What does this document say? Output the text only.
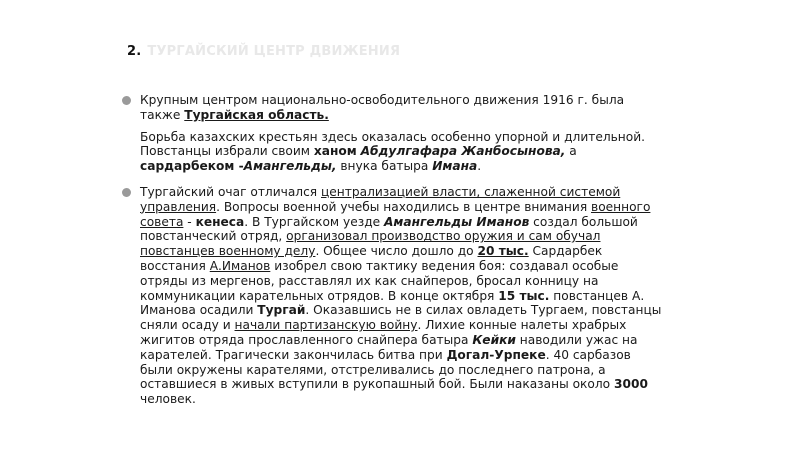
2. ТУРГАЙСКИЙ ЦЕНТР ДВИЖЕНИЯ

Крупным центром национально-освободительного движения 1916 г. была также Тургайская область.

Борьба казахских крестьян здесь оказалась особенно упорной и длительной. Повстанцы избрали своим ханом Абдулгафара Жанбосынова, а сардарбеком -Амангельды, внука батыра Имана.

Тургайский очаг отличался централизацией власти, слаженной системой управления. Вопросы военной учебы находились в центре внимания военного совета - кенеса. В Тургайском уезде Амангельды Иманов создал большой повстанческий отряд, организовал производство оружия и сам обучал повстанцев военному делу. Общее число дошло до 20 тыс. Сардарбек восстания А.Иманов изобрел свою тактику ведения боя: создавал особые отряды из мергенов, расставлял их как снайперов, бросал конницу на коммуникации карательных отрядов. В конце октября 15 тыс. повстанцев А. Иманова осадили Тургай. Оказавшись не в силах овладеть Тургаем, повстанцы сняли осаду и начали партизанскую войну. Лихие конные налеты храбрых жигитов отряда прославленного снайпера батыра Кейки наводили ужас на карателей. Трагически закончилась битва при Догал-Урпеке. 40 сарбазов были окружены карателями, отстреливались до последнего патрона, а оставшиеся в живых вступили в рукопашный бой. Были наказаны около 3000 человек.
